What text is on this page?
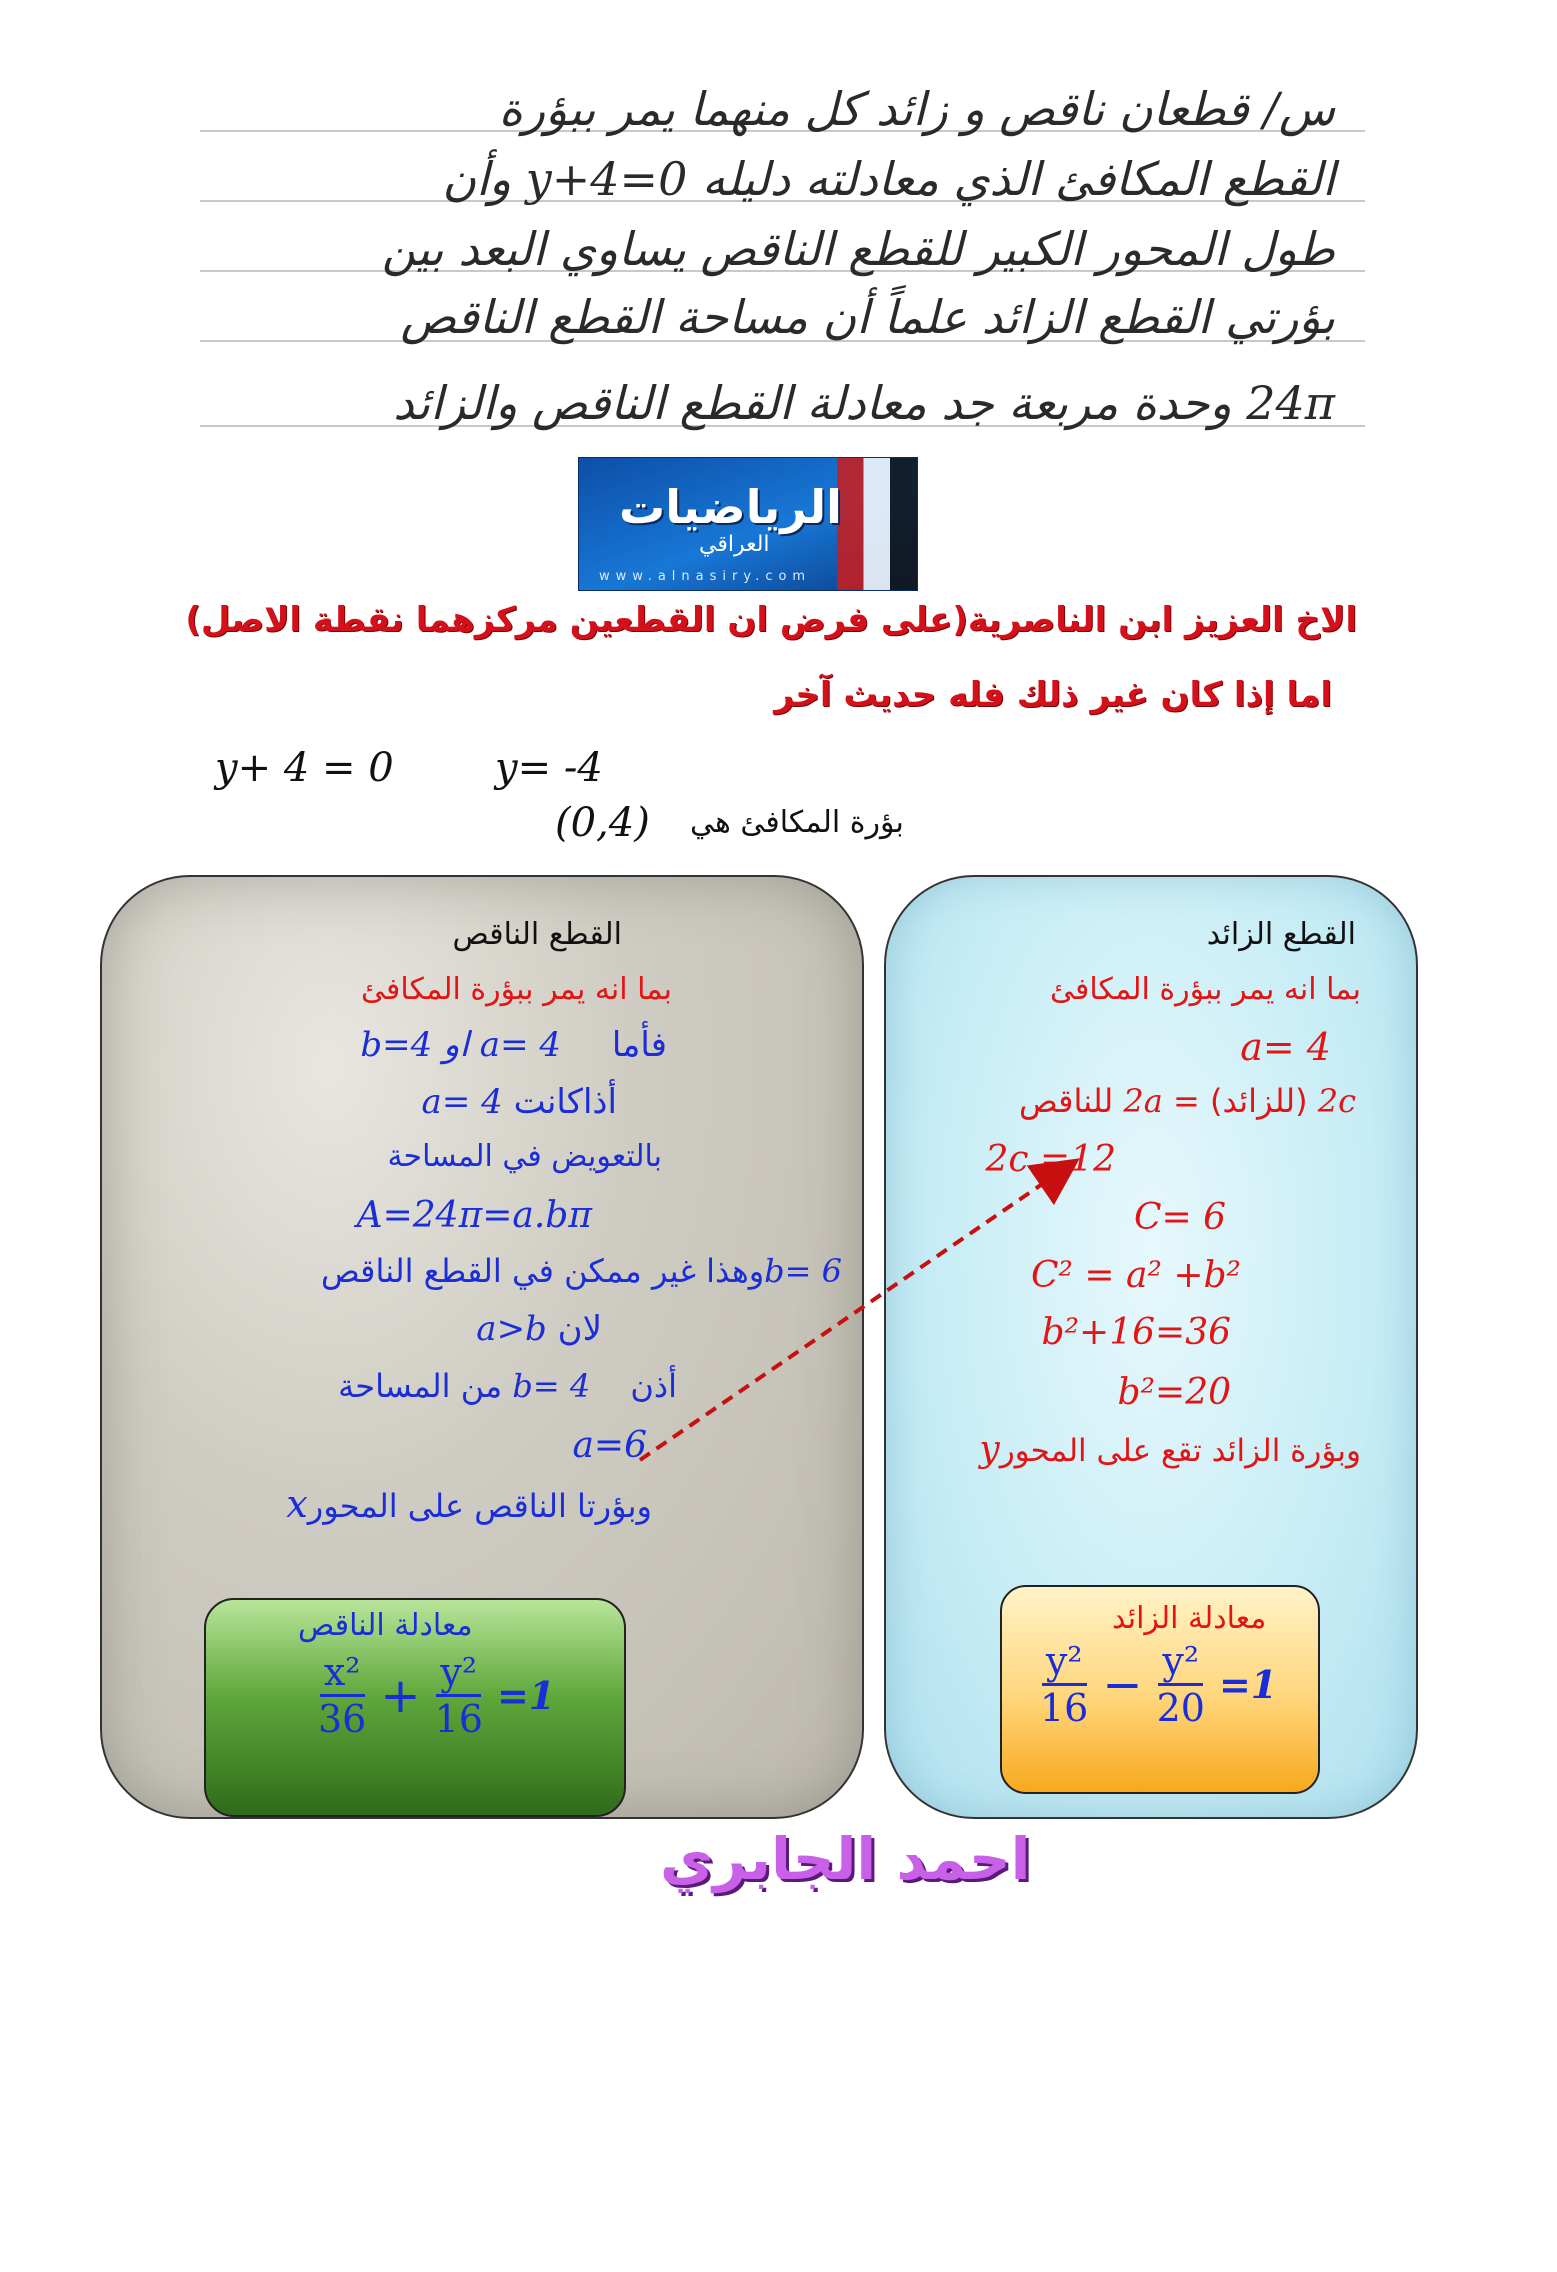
س/ قطعان ناقص و زائد كل منهما يمر ببؤرة
القطع المكافئ الذي معادلته دليله y+4=0 وأن
طول المحور الكبير للقطع الناقص يساوي البعد بين
بؤرتي القطع الزائد علماً أن مساحة القطع الناقص
24π وحدة مربعة جد معادلة القطع الناقص والزائد
الرياضيات
العراقي
www.alnasiry.com
الاخ العزيز ابن الناصرية(على فرض ان القطعين مركزهما نقطة الاصل)
اما إذا كان غير ذلك فله حديث آخر
y+ 4 = 0	y= -4
(0,4) بؤرة المكافئ هي
القطع الناقص
بما انه يمر ببؤرة المكافئ
فأما a= 4 او b=4
أذاكانت a= 4
بالتعويض في المساحة
A=24π=a.bπ
b= 6وهذا غير ممكن في القطع الناقص
لان a>b
أذن b= 4 من المساحة
a=6
وبؤرتا الناقص على المحورx
معادلة الناقص
$\frac{\text{x²}}{36} + \frac{\text{y²}}{16} =1$
القطع الزائد
بما انه يمر ببؤرة المكافئ
a= 4
2c (للزائد) = 2a للناقص
12= 2c
C= 6
C² = a² +b²
36=16+b²
b²=20
وبؤرة الزائد تقع على المحورy
معادلة الزائد
$\frac{\text{y²}}{16} - \frac{\text{y²}}{20} =1$
احمد الجابري
